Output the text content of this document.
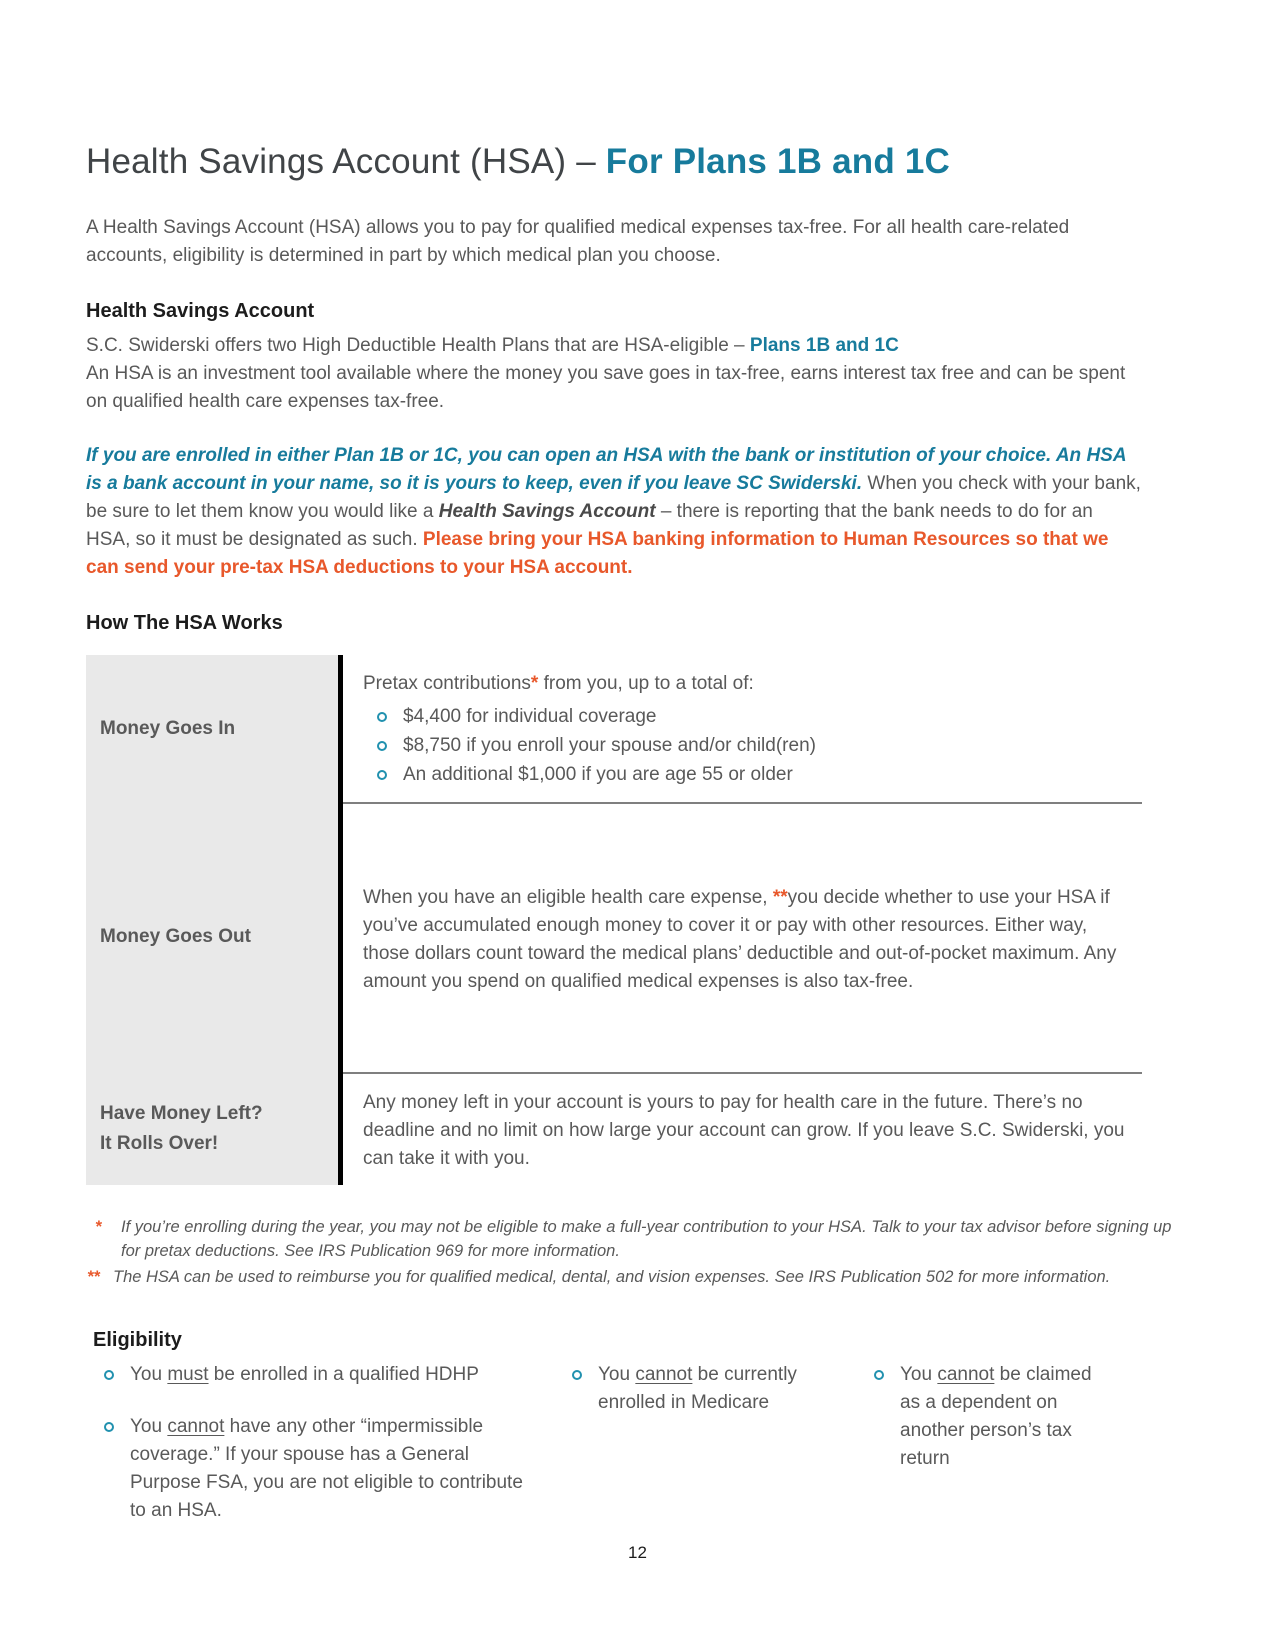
Health Savings Account (HSA) – For Plans 1B and 1C

A Health Savings Account (HSA) allows you to pay for qualified medical expenses tax-free. For all health care-related accounts, eligibility is determined in part by which medical plan you choose.

Health Savings Account

S.C. Swiderski offers two High Deductible Health Plans that are HSA-eligible – Plans 1B and 1C
An HSA is an investment tool available where the money you save goes in tax-free, earns interest tax free and can be spent on qualified health care expenses tax-free.

If you are enrolled in either Plan 1B or 1C, you can open an HSA with the bank or institution of your choice. An HSA is a bank account in your name, so it is yours to keep, even if you leave SC Swiderski. When you check with your bank, be sure to let them know you would like a Health Savings Account – there is reporting that the bank needs to do for an HSA, so it must be designated as such. Please bring your HSA banking information to Human Resources so that we can send your pre-tax HSA deductions to your HSA account.

How The HSA Works
Money Goes In
Pretax contributions* from you, up to a total of:
$4,400 for individual coverage
$8,750 if you enroll your spouse and/or child(ren)
An additional $1,000 if you are age 55 or older
Money Goes Out
When you have an eligible health care expense, **you decide whether to use your HSA if you’ve accumulated enough money to cover it or pay with other resources. Either way, those dollars count toward the medical plans’ deductible and out-of-pocket maximum. Any amount you spend on qualified medical expenses is also tax-free.
Have Money Left?
It Rolls Over!
Any money left in your account is yours to pay for health care in the future. There’s no deadline and no limit on how large your account can grow. If you leave S.C. Swiderski, you can take it with you.
*	If you’re enrolling during the year, you may not be eligible to make a full-year contribution to your HSA. Talk to your tax advisor before signing up for pretax deductions. See IRS Publication 969 for more information.
** The HSA can be used to reimburse you for qualified medical, dental, and vision expenses. See IRS Publication 502 for more information.
Eligibility
You must be enrolled in a qualified HDHP
You cannot have any other “impermissible coverage.” If your spouse has a General Purpose FSA, you are not eligible to contribute to an HSA.
You cannot be currently enrolled in Medicare
You cannot be claimed as a dependent on another person’s tax return
12
